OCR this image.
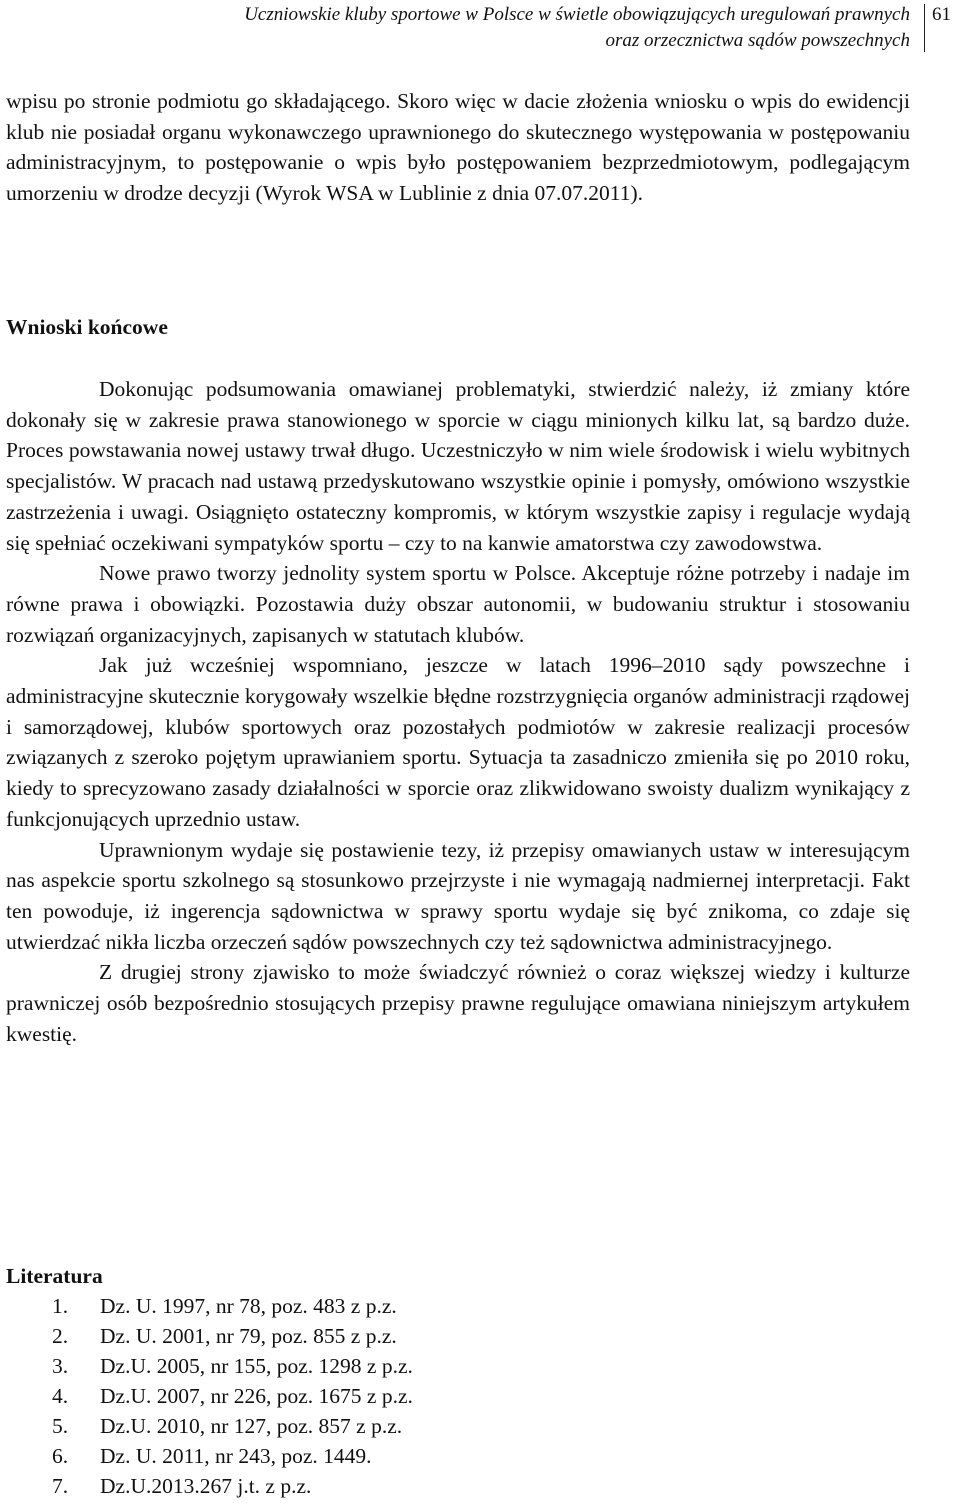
Uczniowskie kluby sportowe w Polsce w świetle obowiązujących uregulowań prawnych
oraz orzecznictwa sądów powszechnych
61

wpisu po stronie podmiotu go składającego. Skoro więc w dacie złożenia wniosku o wpis do ewidencji klub nie posiadał organu wykonawczego uprawnionego do skutecznego występowania w postępowaniu administracyjnym, to postępowanie o wpis było postępowaniem bezprzedmiotowym, podlegającym umorzeniu w drodze decyzji (Wyrok WSA w Lublinie z dnia 07.07.2011).

Wnioski końcowe

Dokonując podsumowania omawianej problematyki, stwierdzić należy, iż zmiany które dokonały się w zakresie prawa stanowionego w sporcie w ciągu minionych kilku lat, są bardzo duże. Proces powstawania nowej ustawy trwał długo. Uczestniczyło w nim wiele środowisk i wielu wybitnych specjalistów. W pracach nad ustawą przedyskutowano wszystkie opinie i pomysły, omówiono wszystkie zastrzeżenia i uwagi. Osiągnięto ostateczny kompromis, w którym wszystkie zapisy i regulacje wydają się spełniać oczekiwani sympatyków sportu – czy to na kanwie amatorstwa czy zawodowstwa.

Nowe prawo tworzy jednolity system sportu w Polsce. Akceptuje różne potrzeby i nadaje im równe prawa i obowiązki. Pozostawia duży obszar autonomii, w budowaniu struktur i stosowaniu rozwiązań organizacyjnych, zapisanych w statutach klubów.

Jak już wcześniej wspomniano, jeszcze w latach 1996–2010 sądy powszechne i administracyjne skutecznie korygowały wszelkie błędne rozstrzygnięcia organów administracji rządowej i samorządowej, klubów sportowych oraz pozostałych podmiotów w zakresie realizacji procesów związanych z szeroko pojętym uprawianiem sportu. Sytuacja ta zasadniczo zmieniła się po 2010 roku, kiedy to sprecyzowano zasady działalności w sporcie oraz zlikwidowano swoisty dualizm wynikający z funkcjonujących uprzednio ustaw.

Uprawnionym wydaje się postawienie tezy, iż przepisy omawianych ustaw w interesującym nas aspekcie sportu szkolnego są stosunkowo przejrzyste i nie wymagają nadmiernej interpretacji. Fakt ten powoduje, iż ingerencja sądownictwa w sprawy sportu wydaje się być znikoma, co zdaje się utwierdzać nikła liczba orzeczeń sądów powszechnych czy też sądownictwa administracyjnego.

Z drugiej strony zjawisko to może świadczyć również o coraz większej wiedzy i kulturze prawniczej osób bezpośrednio stosujących przepisy prawne regulujące omawiana niniejszym artykułem kwestię.

Literatura
1.	Dz. U. 1997, nr 78, poz. 483 z p.z.
2.	Dz. U. 2001, nr 79, poz. 855 z p.z.
3.	Dz.U. 2005, nr 155, poz. 1298 z p.z.
4.	Dz.U. 2007, nr 226, poz. 1675 z p.z.
5.	Dz.U. 2010, nr 127, poz. 857 z p.z.
6.	Dz. U. 2011, nr 243, poz. 1449.
7.	Dz.U.2013.267 j.t. z p.z.
